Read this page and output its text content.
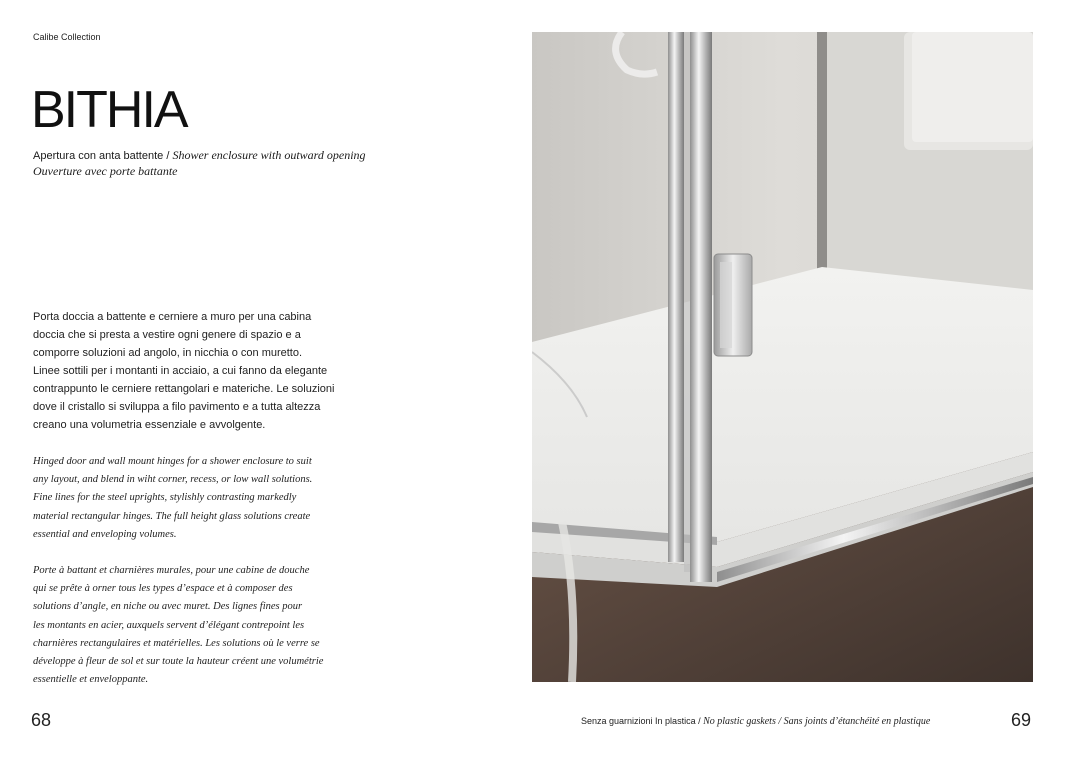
Calibe Collection
BITHIA
Apertura con anta battente / Shower enclosure with outward opening
Ouverture avec porte battante
Porta doccia a battente e cerniere a muro per una cabina
doccia che si presta a vestire ogni genere di spazio e a
comporre soluzioni ad angolo, in nicchia o con muretto.
Linee sottili per i montanti in acciaio, a cui fanno da elegante
contrappunto le cerniere rettangolari e materiche. Le soluzioni
dove il cristallo si sviluppa a filo pavimento e a tutta altezza
creano una volumetria essenziale e avvolgente.
Hinged door and wall mount hinges for a shower enclosure to suit
any layout, and blend in wiht corner, recess, or low wall solutions.
Fine lines for the steel uprights, stylishly contrasting markedly
material rectangular hinges. The full height glass solutions create
essential and enveloping volumes.
Porte à battant et charnières murales, pour une cabine de douche
qui se prête à orner tous les types d’espace et à composer des
solutions d’angle, en niche ou avec muret. Des lignes fines pour
les montants en acier, auxquels servent d’élégant contrepoint les
charnières rectangulaires et matérielles. Les solutions où le verre se
développe à fleur de sol et sur toute la hauteur créent une volumétrie
essentielle et enveloppante.
68	Senza guarnizioni In plastica / No plastic gaskets / Sans joints d’étanchéité en plastique	69
